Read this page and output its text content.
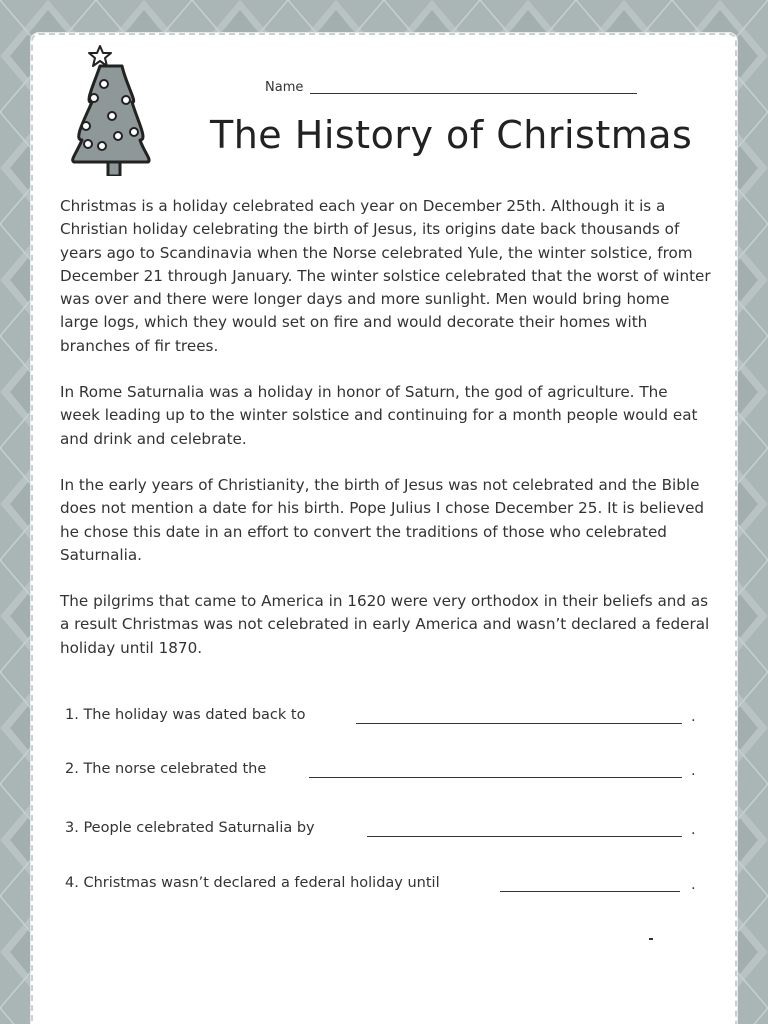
Name
The History of Christmas

Christmas is a holiday celebrated each year on December 25th. Although it is a Christian holiday celebrating the birth of Jesus, its origins date back thousands of years ago to Scandinavia when the Norse celebrated Yule, the winter solstice, from December 21 through January. The winter solstice celebrated that the worst of winter was over and there were longer days and more sunlight. Men would bring home large logs, which they would set on fire and would decorate their homes with branches of fir trees.

In Rome Saturnalia was a holiday in honor of Saturn, the god of agriculture. The week leading up to the winter solstice and continuing for a month people would eat and drink and celebrate.

In the early years of Christianity, the birth of Jesus was not celebrated and the Bible does not mention a date for his birth. Pope Julius I chose December 25. It is believed he chose this date in an effort to convert the traditions of those who celebrated Saturnalia.

The pilgrims that came to America in 1620 were very orthodox in their beliefs and as a result Christmas was not celebrated in early America and wasn’t declared a federal holiday until 1870.

1. The holiday was dated back to	.
2. The norse celebrated the	.
3. People celebrated Saturnalia by	.
4. Christmas wasn’t declared a federal holiday until	.
